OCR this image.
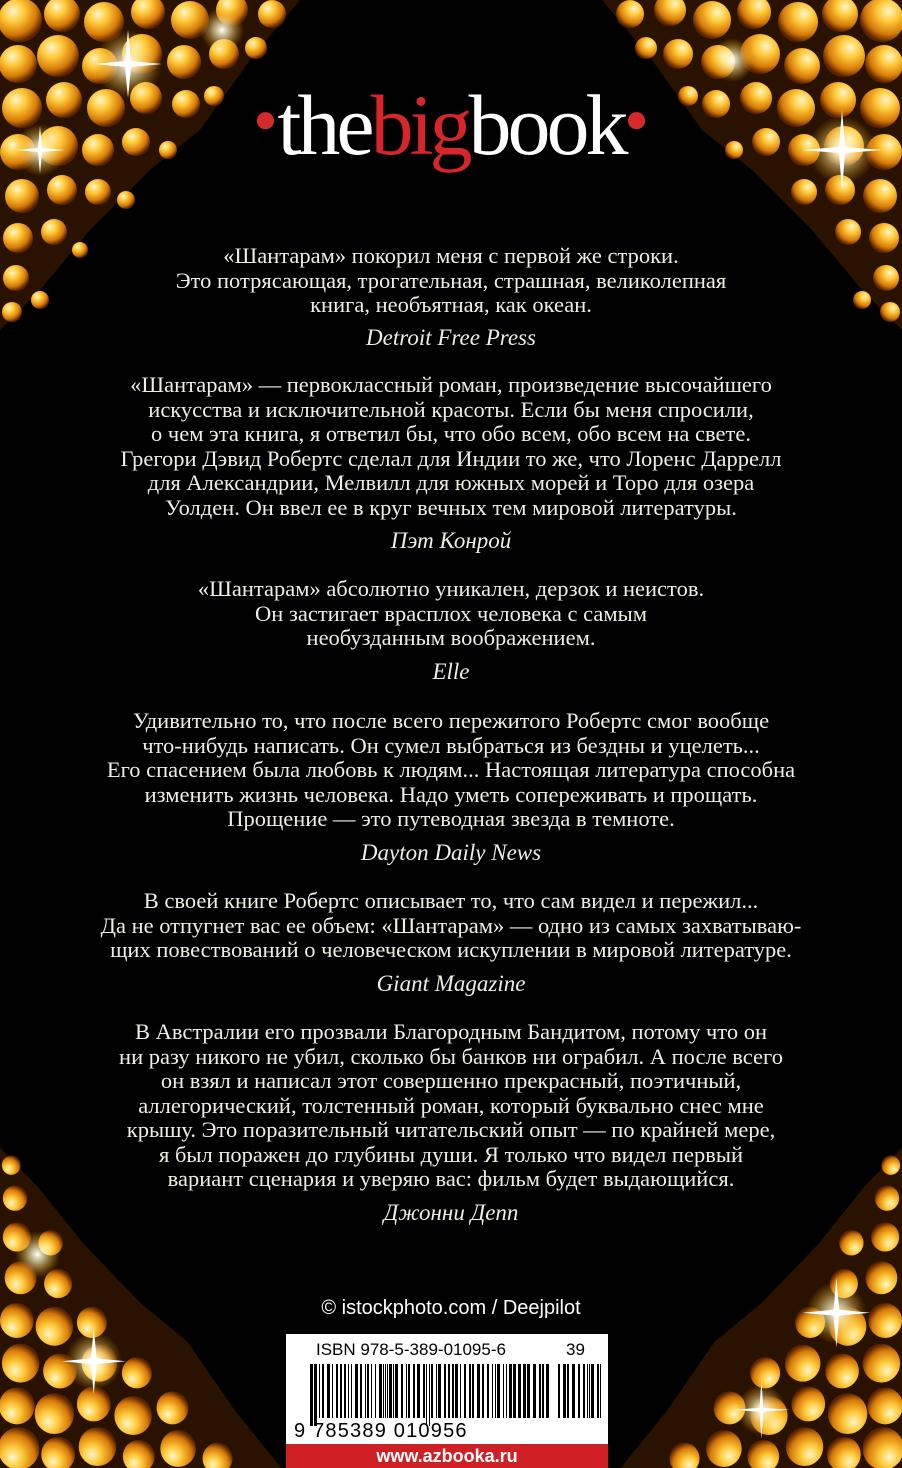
●thebigbook●
«Шантарам» покорил меня с первой же строки.
Это потрясающая, трогательная, страшная, великолепная
книга, необъятная, как океан.
Detroit Free Press
«Шантарам» — первоклассный роман, произведение высочайшего
искусства и исключительной красоты. Если бы меня спросили,
о чем эта книга, я ответил бы, что обо всем, обо всем на свете.
Грегори Дэвид Робертс сделал для Индии то же, что Лоренс Даррелл
для Александрии, Мелвилл для южных морей и Торо для озера
Уолден. Он ввел ее в круг вечных тем мировой литературы.
Пэт Конрой
«Шантарам» абсолютно уникален, дерзок и неистов.
Он застигает врасплох человека с самым
необузданным воображением.
Elle
Удивительно то, что после всего пережитого Робертс смог вообще
что-нибудь написать. Он сумел выбраться из бездны и уцелеть...
Его спасением была любовь к людям... Настоящая литература способна
изменить жизнь человека. Надо уметь сопереживать и прощать.
Прощение — это путеводная звезда в темноте.
Dayton Daily News
В своей книге Робертс описывает то, что сам видел и пережил...
Да не отпугнет вас ее объем: «Шантарам» — одно из самых захватываю-
щих повествований о человеческом искуплении в мировой литературе.
Giant Magazine
В Австралии его прозвали Благородным Бандитом, потому что он
ни разу никого не убил, сколько бы банков ни ограбил. А после всего
он взял и написал этот совершенно прекрасный, поэтичный,
аллегорический, толстенный роман, который буквально снес мне
крышу. Это поразительный читательский опыт — по крайней мере,
я был поражен до глубины души. Я только что видел первый
вариант сценария и уверяю вас: фильм будет выдающийся.
Джонни Депп
© istockphoto.com / Deejpilot
ISBN 978-5-389-01095-6	39
9 785389 010956
www.azbooka.ru
